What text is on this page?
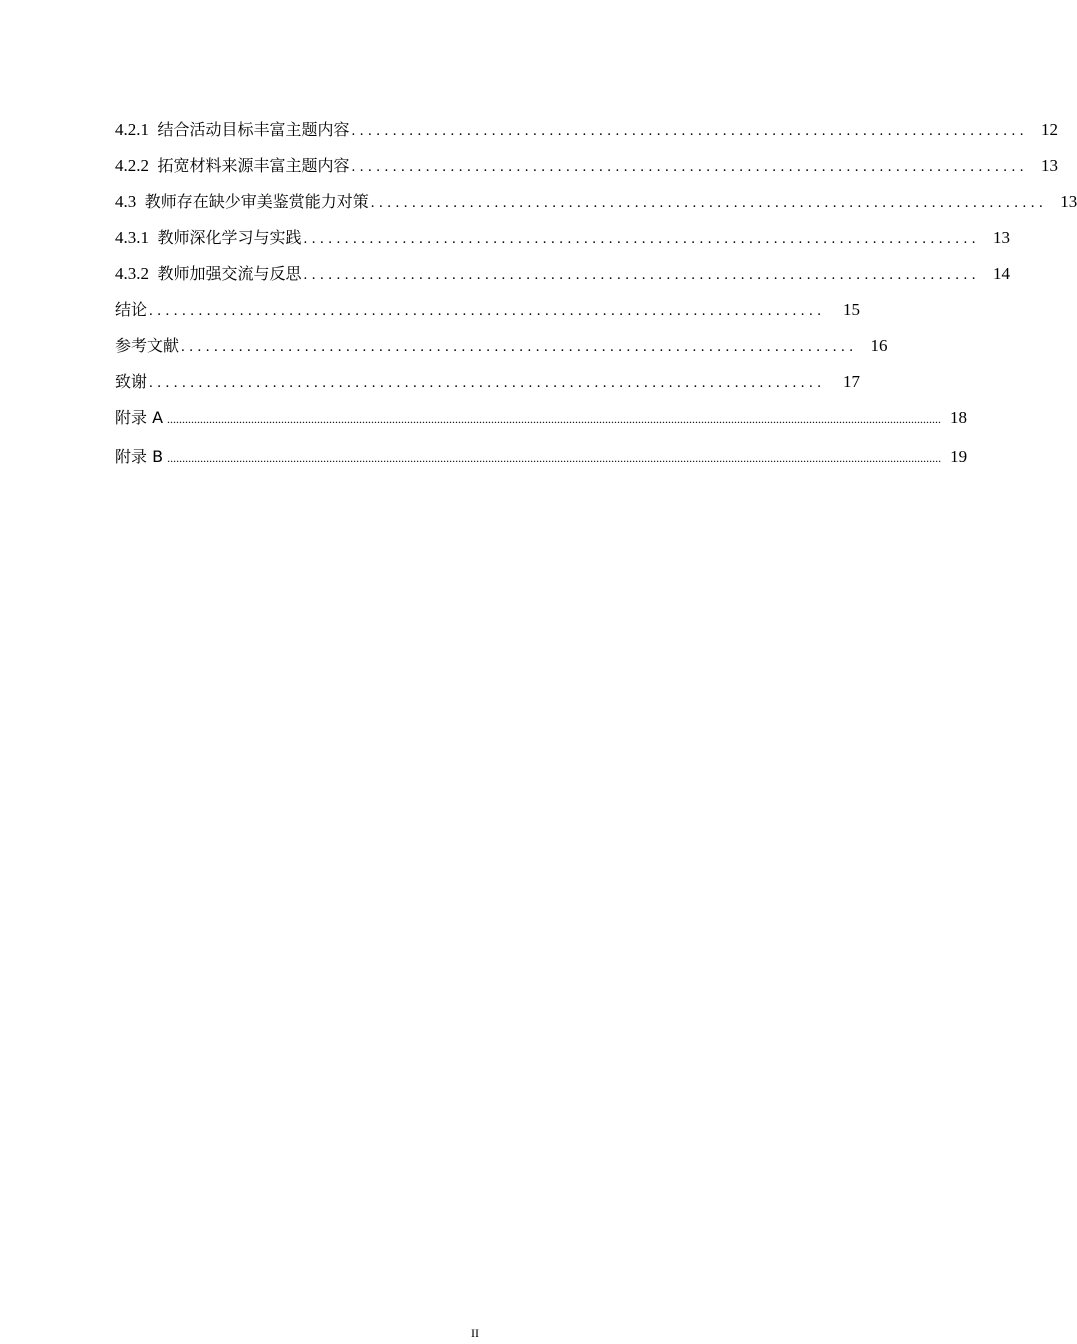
4.2.1 结合活动目标丰富主题内容 .................................................................................. 12
4.2.2 拓宽材料来源丰富主题内容 .................................................................................. 13
4.3 教师存在缺少审美鉴赏能力对策 .................................................................................. 13
4.3.1 教师深化学习与实践 .................................................................................. 13
4.3.2 教师加强交流与反思 .................................................................................. 14
结论 .................................................................................. 15
参考文献 .................................................................................. 16
致谢 .................................................................................. 17
附录 A .................................................................................................................................................................................................................................................................. 18
附录 B .................................................................................................................................................................................................................................................................. 19
II
